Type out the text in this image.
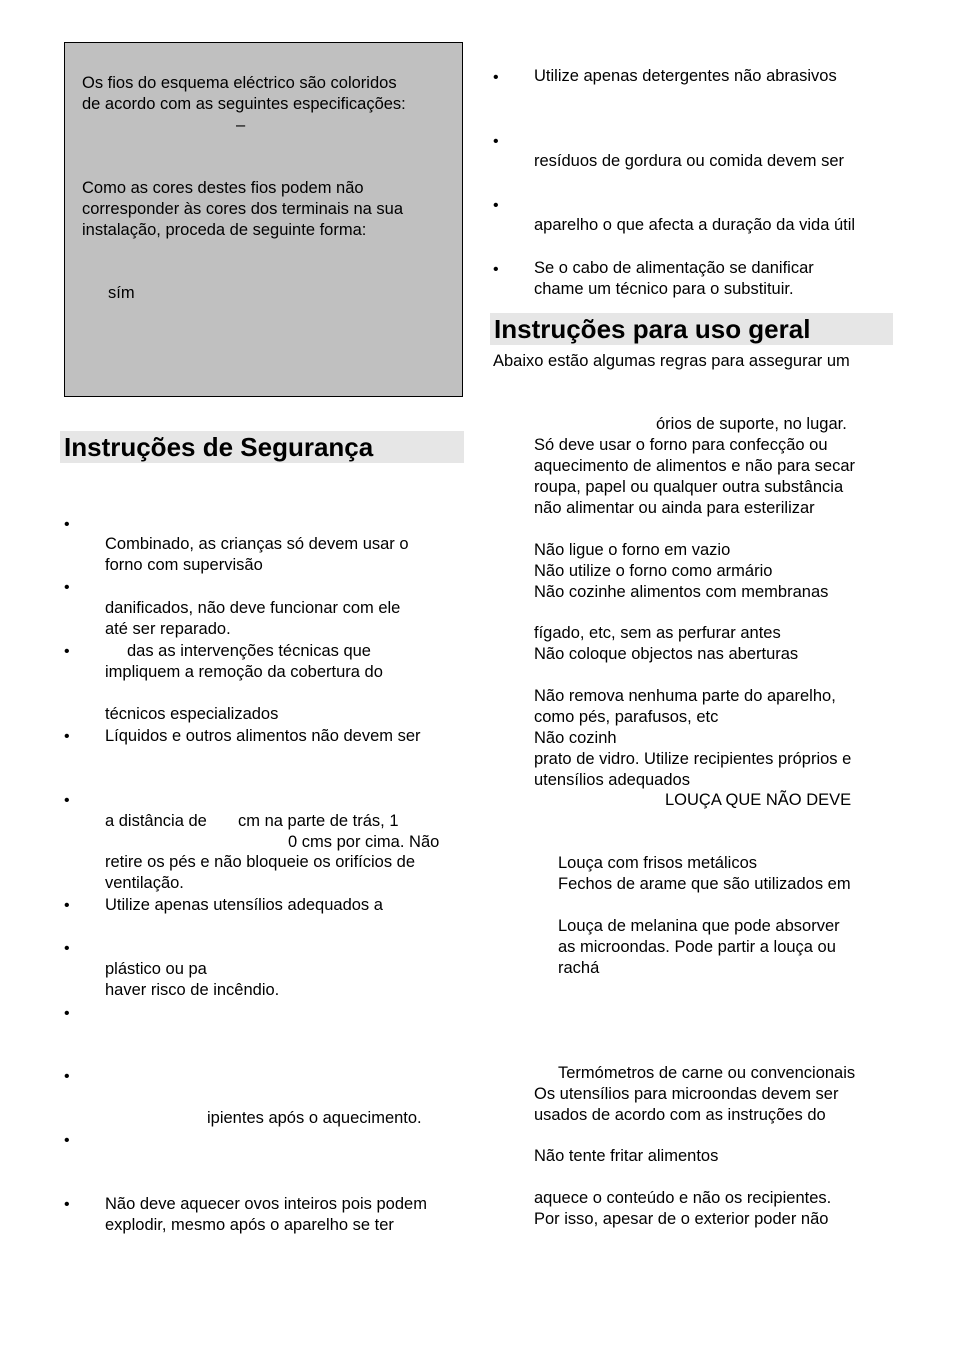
Os fios do esquema eléctrico são coloridos
de acordo com as seguintes especificações:
–
Como as cores destes fios podem não
corresponder às cores dos terminais na sua
instalação, proceda de seguinte forma:
sím
Instruções de Segurança
•
•
•
•
•
•
•
•
•
•
•
Combinado, as crianças só devem usar o
forno com supervisão
danificados, não deve funcionar com ele
até ser reparado.
das as intervenções técnicas que
impliquem a remoção da cobertura do
técnicos especializados
Líquidos e outros alimentos não devem ser
a distância de cm na parte de trás, 1
0 cms por cima. Não
retire os pés e não bloqueie os orifícios de
ventilação.
Utilize apenas utensílios adequados a
plástico ou pa
haver risco de incêndio.
ipientes após o aquecimento.
Não deve aquecer ovos inteiros pois podem
explodir, mesmo após o aparelho se ter
•
•
•
•
Utilize apenas detergentes não abrasivos
resíduos de gordura ou comida devem ser
aparelho o que afecta a duração da vida útil
Se o cabo de alimentação se danificar
chame um técnico para o substituir.
Instruções para uso geral
Abaixo estão algumas regras para assegurar um
órios de suporte, no lugar.
Só deve usar o forno para confecção ou
aquecimento de alimentos e não para secar
roupa, papel ou qualquer outra substância
não alimentar ou ainda para esterilizar
Não ligue o forno em vazio
Não utilize o forno como armário
Não cozinhe alimentos com membranas
fígado, etc, sem as perfurar antes
Não coloque objectos nas aberturas
Não remova nenhuma parte do aparelho,
como pés, parafusos, etc
Não cozinh
prato de vidro. Utilize recipientes próprios e
utensílios adequados
LOUÇA QUE NÃO DEVE
Louça com frisos metálicos
Fechos de arame que são utilizados em
Louça de melanina que pode absorver
as microondas. Pode partir a louça ou
rachá
Termómetros de carne ou convencionais
Os utensílios para microondas devem ser
usados de acordo com as instruções do
Não tente fritar alimentos
aquece o conteúdo e não os recipientes.
Por isso, apesar de o exterior poder não
